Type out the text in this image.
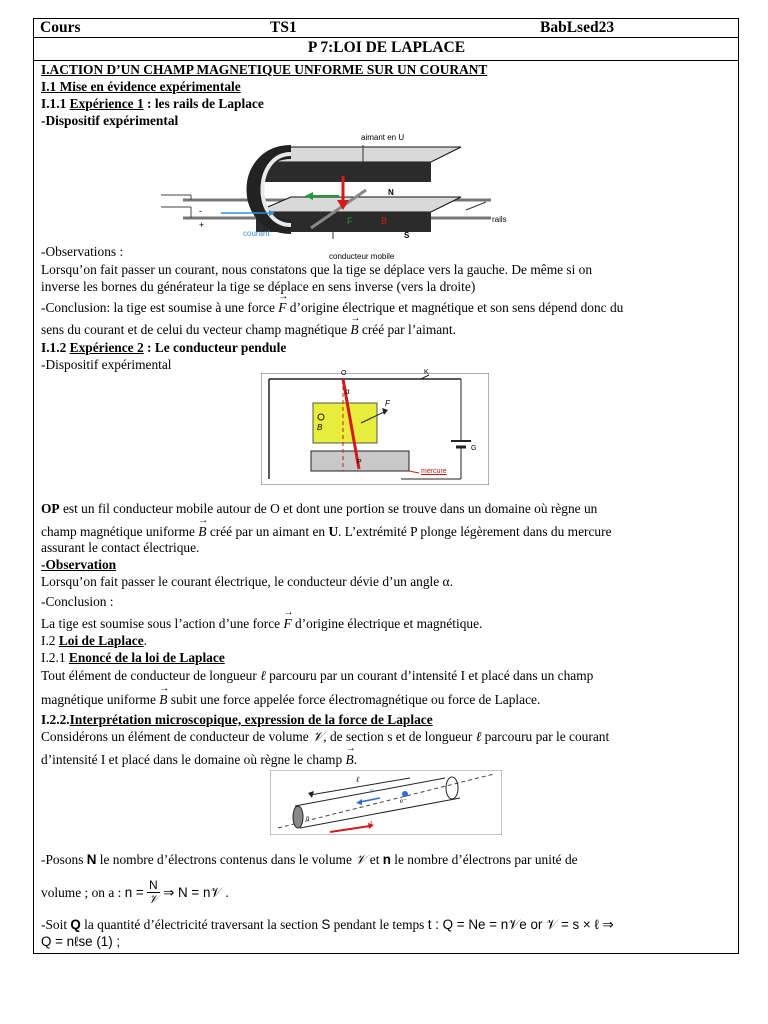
Cours	TS1	BabLsed23
P 7:LOI DE LAPLACE
I.ACTION D’UN CHAMP MAGNETIQUE UNFORME SUR UN COURANT
I.1 Mise en évidence expérimentale
I.1.1 Expérience 1 : les rails de Laplace
-Dispositif expérimental
aimant en U
N
S
F	B	rails
courant
conducteur mobile
+
-
-Observations :
Lorsqu’on fait passer un courant, nous constatons que la tige se déplace vers la gauche. De même si on
inverse les bornes du générateur la tige se déplace en sens inverse (vers la droite)
-Conclusion: la tige est soumise à une force → F d’origine électrique et magnétique et son sens dépend donc du
sens du courant et de celui du vecteur champ magnétique → B créé par l’aimant.
I.1.2 Expérience 2 : Le conducteur pendule
-Dispositif expérimental
O	K
α
F
B
P
G
mercure
OP est un fil conducteur mobile autour de O et dont une portion se trouve dans un domaine où règne un
champ magnétique uniforme → B créé par un aimant en U. L’extrémité P plonge légèrement dans du mercure
assurant le contact électrique.
-Observation
Lorsqu’on fait passer le courant électrique, le conducteur dévie d’un angle α.
-Conclusion :
La tige est soumise sous l’action d’une force → F d’origine électrique et magnétique.
I.2 Loi de Laplace.
I.2.1 Enoncé de la loi de Laplace
Tout élément de conducteur de longueur ℓ parcouru par un courant d’intensité I et placé dans un champ
magnétique uniforme → B subit une force appelée force électromagnétique ou force de Laplace.
I.2.2.Interprétation microscopique, expression de la force de Laplace
Considérons un élément de conducteur de volume 𝒱, de section s et de longueur ℓ parcouru par le courant
d’intensité I et placé dans le domaine où règne le champ → B.
ℓ
v
e⁻
n
I
-Posons N le nombre d’électrons contenus dans le volume 𝒱 et n le nombre d’électrons par unité de
volume ; on a : n = N
𝒱 ⇒ N = n𝒱 .
-Soit Q la quantité d’électricité traversant la section S pendant le temps t : Q = Ne = n𝒱e or 𝒱 = s × ℓ ⇒
Q = nℓse (1) ;
